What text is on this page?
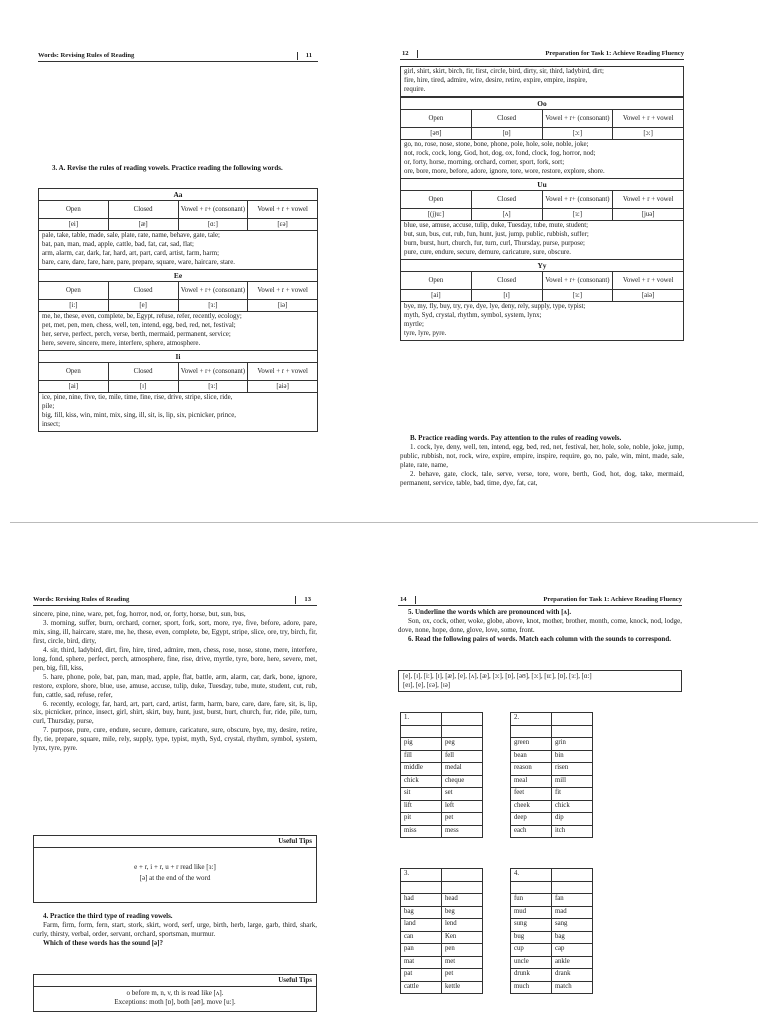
Words: Revising Rules of Reading	11
3. A. Revise the rules of reading vowels. Practice reading the following words.
Aa
Open	Closed	Vowel + r+ (consonant)	Vowel + r + vowel
[ei]	[æ]	[ɑ:]	[εə]
pale, take, table, made, sale, plate, rate, name, behave, gate, tale;
bat, pan, man, mad, apple, cattle, bad, fat, cat, sad, flat;
arm, alarm, car, dark, far, hard, art, part, card, artist, farm, harm;
bare, care, dare, fare, hare, pare, prepare, square, ware, haircare, stare.
Ee
Open	Closed	Vowel + r+ (consonant)	Vowel + r + vowel
[i:]	[e]	[ɜ:]	[iə]
me, he, these, even, complete, be, Egypt, refuse, refer, recently, ecology;
pet, met, pen, men, chess, well, ten, intend, egg, bed, red, net, festival;
her, serve, perfect, perch, verse, berth, mermaid, permanent, service;
here, severe, sincere, mere, interfere, sphere, atmosphere.
Ii
Open	Closed	Vowel + r+ (consonant)	Vowel + r + vowel
[ai]	[ɪ]	[ɜ:]	[aiə]
ice, pine, nine, five, tie, mile, time, fine, rise, drive, stripe, slice, ride,
pile;
big, fill, kiss, win, mint, mix, sing, ill, sit, is, lip, six, picnicker, prince,
insect;
12	Preparation for Task 1: Achieve Reading Fluency
girl, shirt, skirt, birch, fir, first, circle, bird, dirty, sir, third, ladybird, dirt;
fire, hire, tired, admire, wire, desire, retire, expire, empire, inspire,
require.
Oo
Open	Closed	Vowel + r+ (consonant)	Vowel + r + vowel
[əʊ]	[ɒ]	[ɔ:]	[ɔ:]
go, no, rose, nose, stone, bone, phone, pole, hole, sole, noble, joke;
not, rock, cock, long, God, hot, dog, ox, fond, clock, fog, horror, nod;
or, forty, horse, morning, orchard, corner, sport, fork, sort;
ore, bore, more, before, adore, ignore, tore, wore, restore, explore, shore.
Uu
Open	Closed	Vowel + r+ (consonant)	Vowel + r + vowel
[(j)u:]	[ʌ]	[ɜ:]	[juə]
blue, use, amuse, accuse, tulip, duke, Tuesday, tube, mute, student;
but, sun, bus, cut, rub, fun, hunt, just, jump, public, rubbish, suffer;
burn, burst, hurt, church, fur, turn, curl, Thursday, purse, purpose;
pure, cure, endure, secure, demure, caricature, sure, obscure.
Yy
Open	Closed	Vowel + r+ (consonant)	Vowel + r + vowel
[ai]	[ɪ]	[ɜ:]	[aiə]
bye, my, fly, buy, try, rye, dye, lye, deny, rely, supply, type, typist;
myth, Syd, crystal, rhythm, symbol, system, lynx;
myrtle;
tyre, lyre, pyre.

B. Practice reading words. Pay attention to the rules of reading vowels.

1. cock, lye, deny, well, ten, intend, egg, bed, red, net, festival, her, hole, sole, noble, joke, jump, public, rubbish, not, rock, wire, expire, empire, inspire, require, go, no, pale, win, mint, made, sale, plate, rate, name,

2. behave, gate, clock, tale, serve, verse, tore, wore, berth, God, hot, dog, take, mermaid, permanent, service, table, bad, time, dye, fat, cat,

Words: Revising Rules of Reading	13

sincere, pine, nine, ware, pet, fog, horror, nod, or, forty, horse, but, sun, bus,

3. morning, suffer, burn, orchard, corner, sport, fork, sort, more, rye, five, before, adore, pare, mix, sing, ill, haircare, stare, me, he, these, even, complete, be, Egypt, stripe, slice, ore, try, birch, fir, first, circle, bird, dirty,

4. sir, third, ladybird, dirt, fire, hire, tired, admire, men, chess, rose, nose, stone, mere, interfere, long, fond, sphere, perfect, perch, atmosphere, fine, rise, drive, myrtle, tyre, bore, here, severe, met, pen, big, fill, kiss,

5. hare, phone, pole, bat, pan, man, mad, apple, flat, battle, arm, alarm, car, dark, bone, ignore, restore, explore, shore, blue, use, amuse, accuse, tulip, duke, Tuesday, tube, mute, student, cut, rub, fun, cattle, sad, refuse, refer,

6. recently, ecology, far, hard, art, part, card, artist, farm, harm, bare, care, dare, fare, sit, is, lip, six, picnicker, prince, insect, girl, shirt, skirt, buy, hunt, just, burst, hurt, church, fur, ride, pile, turn, curl, Thursday, purse,

7. purpose, pure, cure, endure, secure, demure, caricature, sure, obscure, bye, my, desire, retire, fly, tie, prepare, square, mile, rely, supply, type, typist, myth, Syd, crystal, rhythm, symbol, system, lynx, tyre, pyre.

Useful Tips
e + r, i + r, u + r read like [ɜ:]
[ə] at the end of the word

4. Practice the third type of reading vowels.

Farm, firm, form, fern, start, stork, skirt, word, serf, urge, birth, herb, large, garb, third, shark, curly, thirsty, verbal, order, servant, orchard, sportsman, murmur.

Which of these words has the sound [ə]?

Useful Tips
o before m, n, v, th is read like [ʌ].
Exceptions: moth [ɒ], both [əʊ], move [u:].
14	Preparation for Task 1: Achieve Reading Fluency

5. Underline the words which are pronounced with [ʌ].

Son, ox, cock, other, woke, globe, above, knot, mother, brother, month, come, knock, nod, lodge, dove, none, hope, done, glove, love, some, front.

6. Read the following pairs of words. Match each column with the sounds to correspond.

[e], [ɪ], [i:], [ɪ], [æ], [e], [ʌ], [æ], [ɔ:], [ɒ], [əʊ], [ɔ:], [u:], [ɒ], [ɜ:], [ɑ:]
[eɪ], [e], [εə], [ɪə]
1.	

pig	peg
fill	fell
middle	medal
chick	cheque
sit	set
lift	left
pit	pet
miss	mess
2.	

green	grin
bean	bin
reason	risen
meal	mill
feet	fit
cheek	chick
deep	dip
each	itch
3.	

had	head
bag	beg
land	lend
can	Ken
pan	pen
mat	met
pat	pet
cattle	kettle
4.	

fun	fan
mud	mad
sung	sang
bug	bag
cup	cap
uncle	ankle
drunk	drank
much	match
